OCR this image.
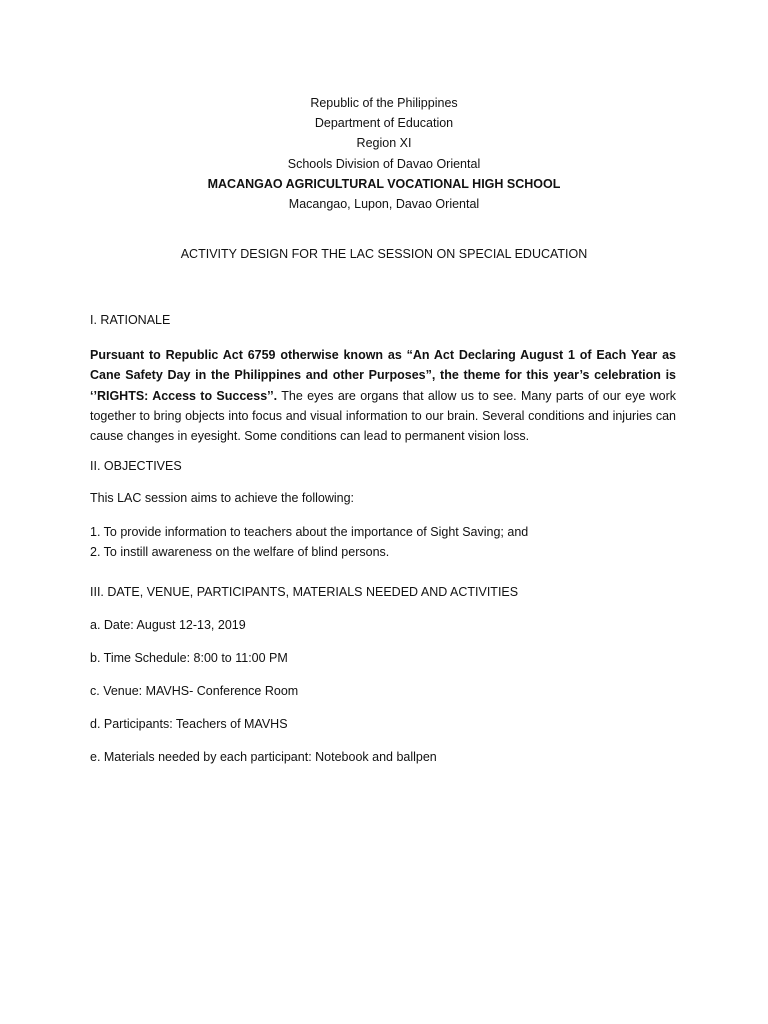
Republic of the Philippines
Department of Education
Region XI
Schools Division of Davao Oriental
MACANGAO AGRICULTURAL VOCATIONAL HIGH SCHOOL
Macangao, Lupon, Davao Oriental
ACTIVITY DESIGN FOR THE LAC SESSION ON SPECIAL EDUCATION
I. RATIONALE
Pursuant to Republic Act 6759 otherwise known as “An Act Declaring August 1 of Each Year as Cane Safety Day in the Philippines and other Purposes”, the theme for this year’s celebration is ‘’RIGHTS: Access to Success’’. The eyes are organs that allow us to see. Many parts of our eye work together to bring objects into focus and visual information to our brain. Several conditions and injuries can cause changes in eyesight. Some conditions can lead to permanent vision loss.
II. OBJECTIVES
This LAC session aims to achieve the following:
1. To provide information to teachers about the importance of Sight Saving; and
2. To instill awareness on the welfare of blind persons.
III. DATE, VENUE, PARTICIPANTS, MATERIALS NEEDED AND ACTIVITIES
a. Date: August 12-13, 2019
b. Time Schedule: 8:00 to 11:00 PM
c. Venue: MAVHS- Conference Room
d. Participants: Teachers of MAVHS
e. Materials needed by each participant: Notebook and ballpen
